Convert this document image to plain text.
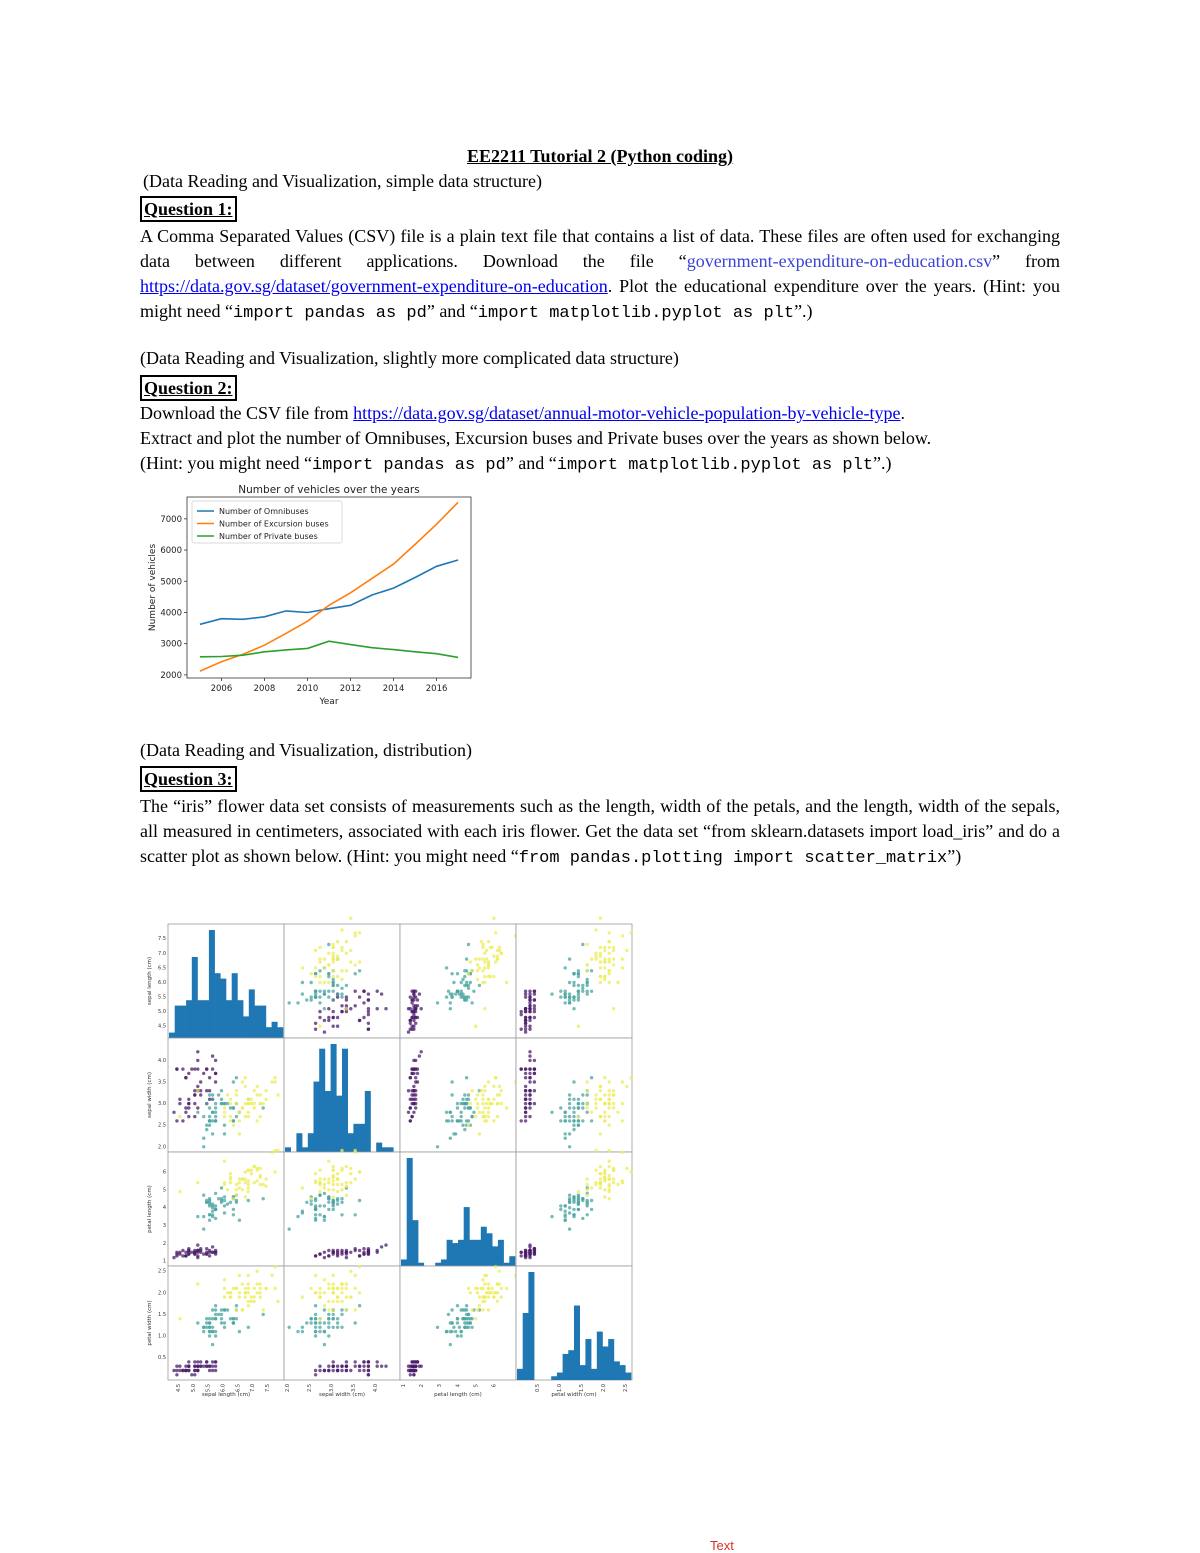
EE2211 Tutorial 2 (Python coding)
(Data Reading and Visualization, simple data structure)
Question 1:
A Comma Separated Values (CSV) file is a plain text file that contains a list of data. These files are often used for exchanging data between different applications. Download the file “government-expenditure-on-education.csv” from https://data.gov.sg/dataset/government-expenditure-on-education. Plot the educational expenditure over the years. (Hint: you might need “import pandas as pd” and “import matplotlib.pyplot as plt”.)
(Data Reading and Visualization, slightly more complicated data structure)
Question 2:
Download the CSV file from https://data.gov.sg/dataset/annual-motor-vehicle-population-by-vehicle-type.
Extract and plot the number of Omnibuses, Excursion buses and Private buses over the years as shown below.
(Hint: you might need “import pandas as pd” and “import matplotlib.pyplot as plt”.)
Number of vehicles over the years
2006	2008	2010	2012	2014	2016
2000
3000
4000
5000
6000
7000
Year
Number of vehicles
Number of Omnibuses
Number of Excursion buses
Number of Private buses
(Data Reading and Visualization, distribution)
Question 3:
The “iris” flower data set consists of measurements such as the length, width of the petals, and the length, width of the sepals, all measured in centimeters, associated with each iris flower. Get the data set “from sklearn.datasets import load_iris” and do a scatter plot as shown below. (Hint: you might need “from pandas.plotting import scatter_matrix”)
4.5 5.0 5.5 6.0 6.5 7.0 7.5
sepal length (cm)
2.0	2.5	3.0	3.5	4.0
sepal width (cm)
1 2 3 4 5 6
petal length (cm)
0.5	1.0	1.5	2.0	2.5
petal width (cm)
4.5
5.0
5.5
6.0
6.5
7.0
7.5
sepal length (cm)
2.0
2.5
3.0
3.5
4.0
sepal width (cm)
1
2
3
4
5
6
petal length (cm)
0.5
1.0
1.5
2.0
2.5
petal width (cm)
Text
